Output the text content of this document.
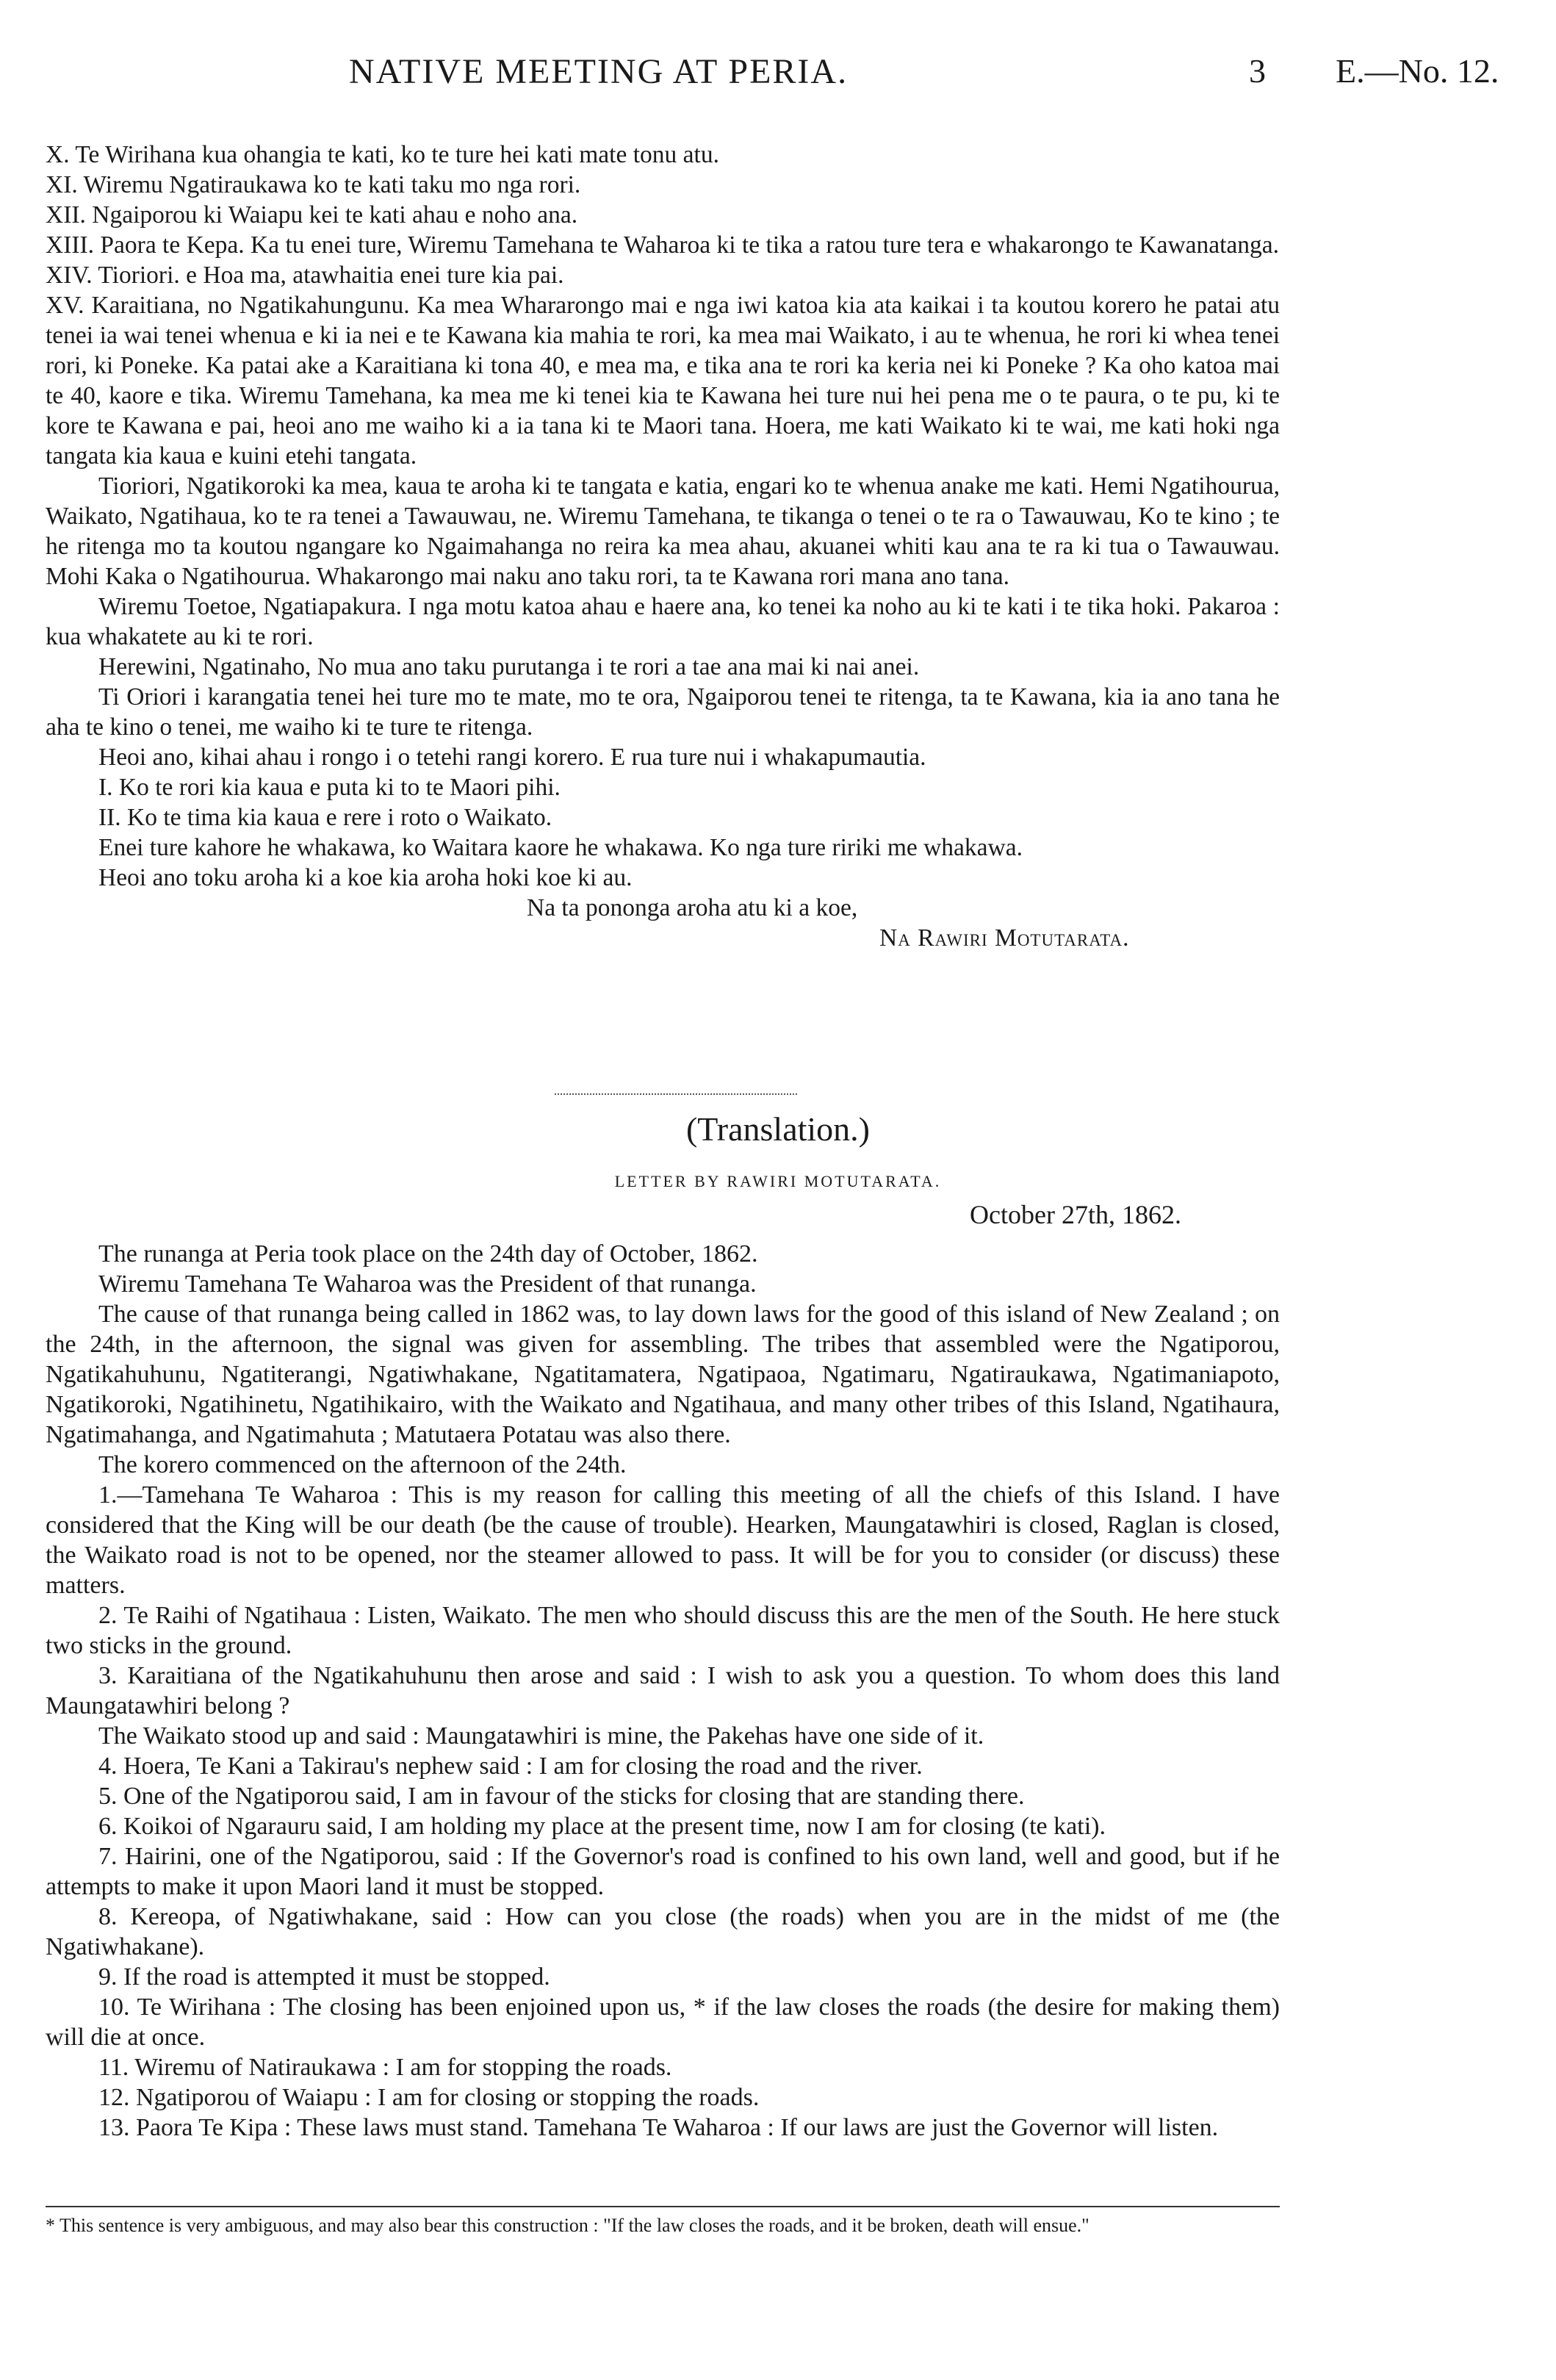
NATIVE MEETING AT PERIA.	3 E.—No. 12.

X. Te Wirihana kua ohangia te kati, ko te ture hei kati mate tonu atu.

XI. Wiremu Ngatiraukawa ko te kati taku mo nga rori.

XII. Ngaiporou ki Waiapu kei te kati ahau e noho ana.

XIII. Paora te Kepa. Ka tu enei ture, Wiremu Tamehana te Waharoa ki te tika a ratou ture tera e whakarongo te Kawanatanga.

XIV. Tioriori. e Hoa ma, atawhaitia enei ture kia pai.

XV. Karaitiana, no Ngatikahungunu. Ka mea Whararongo mai e nga iwi katoa kia ata kaikai i ta koutou korero he patai atu tenei ia wai tenei whenua e ki ia nei e te Kawana kia mahia te rori, ka mea mai Waikato, i au te whenua, he rori ki whea tenei rori, ki Poneke. Ka patai ake a Karaitiana ki tona 40, e mea ma, e tika ana te rori ka keria nei ki Poneke ? Ka oho katoa mai te 40, kaore e tika. Wiremu Tamehana, ka mea me ki tenei kia te Kawana hei ture nui hei pena me o te paura, o te pu, ki te kore te Kawana e pai, heoi ano me waiho ki a ia tana ki te Maori tana. Hoera, me kati Waikato ki te wai, me kati hoki nga tangata kia kaua e kuini etehi tangata.

Tioriori, Ngatikoroki ka mea, kaua te aroha ki te tangata e katia, engari ko te whenua anake me kati. Hemi Ngatihourua, Waikato, Ngatihaua, ko te ra tenei a Tawauwau, ne. Wiremu Tamehana, te tikanga o tenei o te ra o Tawauwau, Ko te kino ; te he ritenga mo ta koutou ngangare ko Ngaimahanga no reira ka mea ahau, akuanei whiti kau ana te ra ki tua o Tawauwau. Mohi Kaka o Ngatihourua. Whakarongo mai naku ano taku rori, ta te Kawana rori mana ano tana.

Wiremu Toetoe, Ngatiapakura. I nga motu katoa ahau e haere ana, ko tenei ka noho au ki te kati i te tika hoki. Pakaroa : kua whakatete au ki te rori.

Herewini, Ngatinaho, No mua ano taku purutanga i te rori a tae ana mai ki nai anei.

Ti Oriori i karangatia tenei hei ture mo te mate, mo te ora, Ngaiporou tenei te ritenga, ta te Kawana, kia ia ano tana he aha te kino o tenei, me waiho ki te ture te ritenga.

Heoi ano, kihai ahau i rongo i o tetehi rangi korero. E rua ture nui i whakapumautia.

I. Ko te rori kia kaua e puta ki to te Maori pihi.

II. Ko te tima kia kaua e rere i roto o Waikato.

Enei ture kahore he whakawa, ko Waitara kaore he whakawa. Ko nga ture ririki me whakawa.

Heoi ano toku aroha ki a koe kia aroha hoki koe ki au.

Na ta pononga aroha atu ki a koe,

Na Rawiri Motutarata.

(Translation.)
LETTER BY RAWIRI MOTUTARATA.
October 27th, 1862.

The runanga at Peria took place on the 24th day of October, 1862.

Wiremu Tamehana Te Waharoa was the President of that runanga.

The cause of that runanga being called in 1862 was, to lay down laws for the good of this island of New Zealand ; on the 24th, in the afternoon, the signal was given for assembling. The tribes that assembled were the Ngatiporou, Ngatikahuhunu, Ngatiterangi, Ngatiwhakane, Ngatitamatera, Ngatipaoa, Ngatimaru, Ngatiraukawa, Ngatimaniapoto, Ngatikoroki, Ngatihinetu, Ngatihikairo, with the Waikato and Ngatihaua, and many other tribes of this Island, Ngatihaura, Ngatimahanga, and Ngatimahuta ; Matutaera Potatau was also there.

The korero commenced on the afternoon of the 24th.

1.—Tamehana Te Waharoa : This is my reason for calling this meeting of all the chiefs of this Island. I have considered that the King will be our death (be the cause of trouble). Hearken, Maungatawhiri is closed, Raglan is closed, the Waikato road is not to be opened, nor the steamer allowed to pass. It will be for you to consider (or discuss) these matters.

2. Te Raihi of Ngatihaua : Listen, Waikato. The men who should discuss this are the men of the South. He here stuck two sticks in the ground.

3. Karaitiana of the Ngatikahuhunu then arose and said : I wish to ask you a question. To whom does this land Maungatawhiri belong ?

The Waikato stood up and said : Maungatawhiri is mine, the Pakehas have one side of it.

4. Hoera, Te Kani a Takirau's nephew said : I am for closing the road and the river.

5. One of the Ngatiporou said, I am in favour of the sticks for closing that are standing there.

6. Koikoi of Ngarauru said, I am holding my place at the present time, now I am for closing (te kati).

7. Hairini, one of the Ngatiporou, said : If the Governor's road is confined to his own land, well and good, but if he attempts to make it upon Maori land it must be stopped.

8. Kereopa, of Ngatiwhakane, said : How can you close (the roads) when you are in the midst of me (the Ngatiwhakane).

9. If the road is attempted it must be stopped.

10. Te Wirihana : The closing has been enjoined upon us, * if the law closes the roads (the desire for making them) will die at once.

11. Wiremu of Natiraukawa : I am for stopping the roads.

12. Ngatiporou of Waiapu : I am for closing or stopping the roads.

13. Paora Te Kipa : These laws must stand. Tamehana Te Waharoa : If our laws are just the Governor will listen.

* This sentence is very ambiguous, and may also bear this construction : "If the law closes the roads, and it be broken, death will ensue."
